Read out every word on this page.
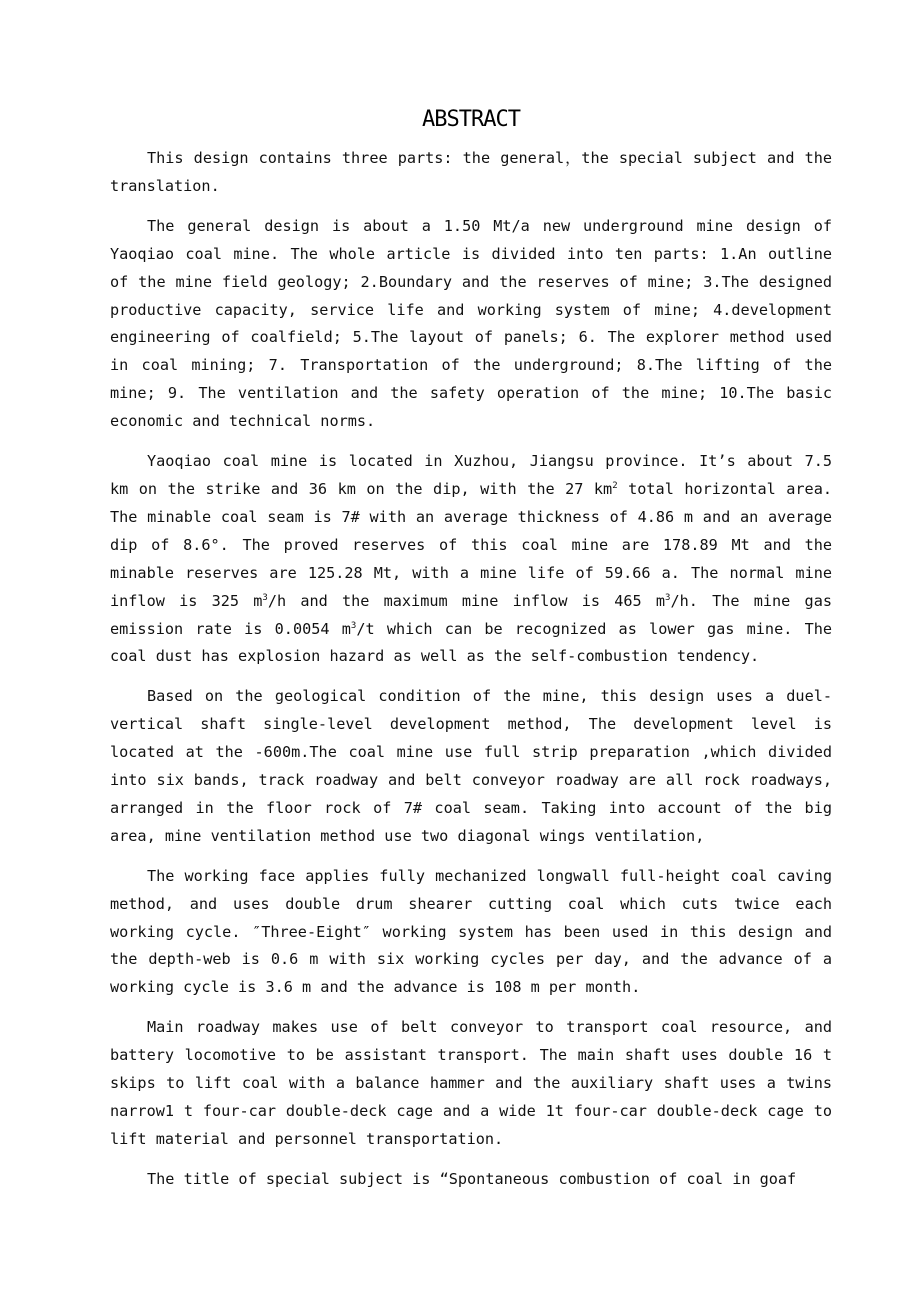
ABSTRACT

This design contains three parts: the general，the special subject and the translation.

The general design is about a 1.50 Mt/a new underground mine design of Yaoqiao coal mine. The whole article is divided into ten parts: 1.An outline of the mine field geology; 2.Boundary and the reserves of mine; 3.The designed productive capacity, service life and working system of mine; 4.development engineering of coalfield; 5.The layout of panels; 6. The explorer method used in coal mining; 7. Transportation of the underground; 8.The lifting of the mine; 9. The ventilation and the safety operation of the mine; 10.The basic economic and technical norms.

Yaoqiao coal mine is located in Xuzhou, Jiangsu province. It’s about 7.5 km on the strike and 36 km on the dip, with the 27 $km^2$ total horizontal area. The minable coal seam is 7# with an average thickness of 4.86 m and an average dip of 8.6°. The proved reserves of this coal mine are 178.89 Mt and the minable reserves are 125.28 Mt, with a mine life of 59.66 a. The normal mine inflow is 325 $m^3/h$ and the maximum mine inflow is 465 $m^3/h$. The mine gas emission rate is 0.0054 $m^3/t$ which can be recognized as lower gas mine. The coal dust has explosion hazard as well as the self-combustion tendency.

Based on the geological condition of the mine, this design uses a duel-vertical shaft single-level development method, The development level is located at the -600m.The coal mine use full strip preparation ,which divided into six bands, track roadway and belt conveyor roadway are all rock roadways, arranged in the floor rock of 7# coal seam. Taking into account of the big area, mine ventilation method use two diagonal wings ventilation,

The working face applies fully mechanized longwall full-height coal caving method, and uses double drum shearer cutting coal which cuts twice each working cycle. ″Three-Eight″ working system has been used in this design and the depth-web is 0.6 m with six working cycles per day, and the advance of a working cycle is 3.6 m and the advance is 108 m per month.

Main roadway makes use of belt conveyor to transport coal resource, and battery locomotive to be assistant transport. The main shaft uses double 16 t skips to lift coal with a balance hammer and the auxiliary shaft uses a twins narrow1 t four-car double-deck cage and a wide 1t four-car double-deck cage to lift material and personnel transportation.

The title of special subject is “Spontaneous combustion of coal in goaf
